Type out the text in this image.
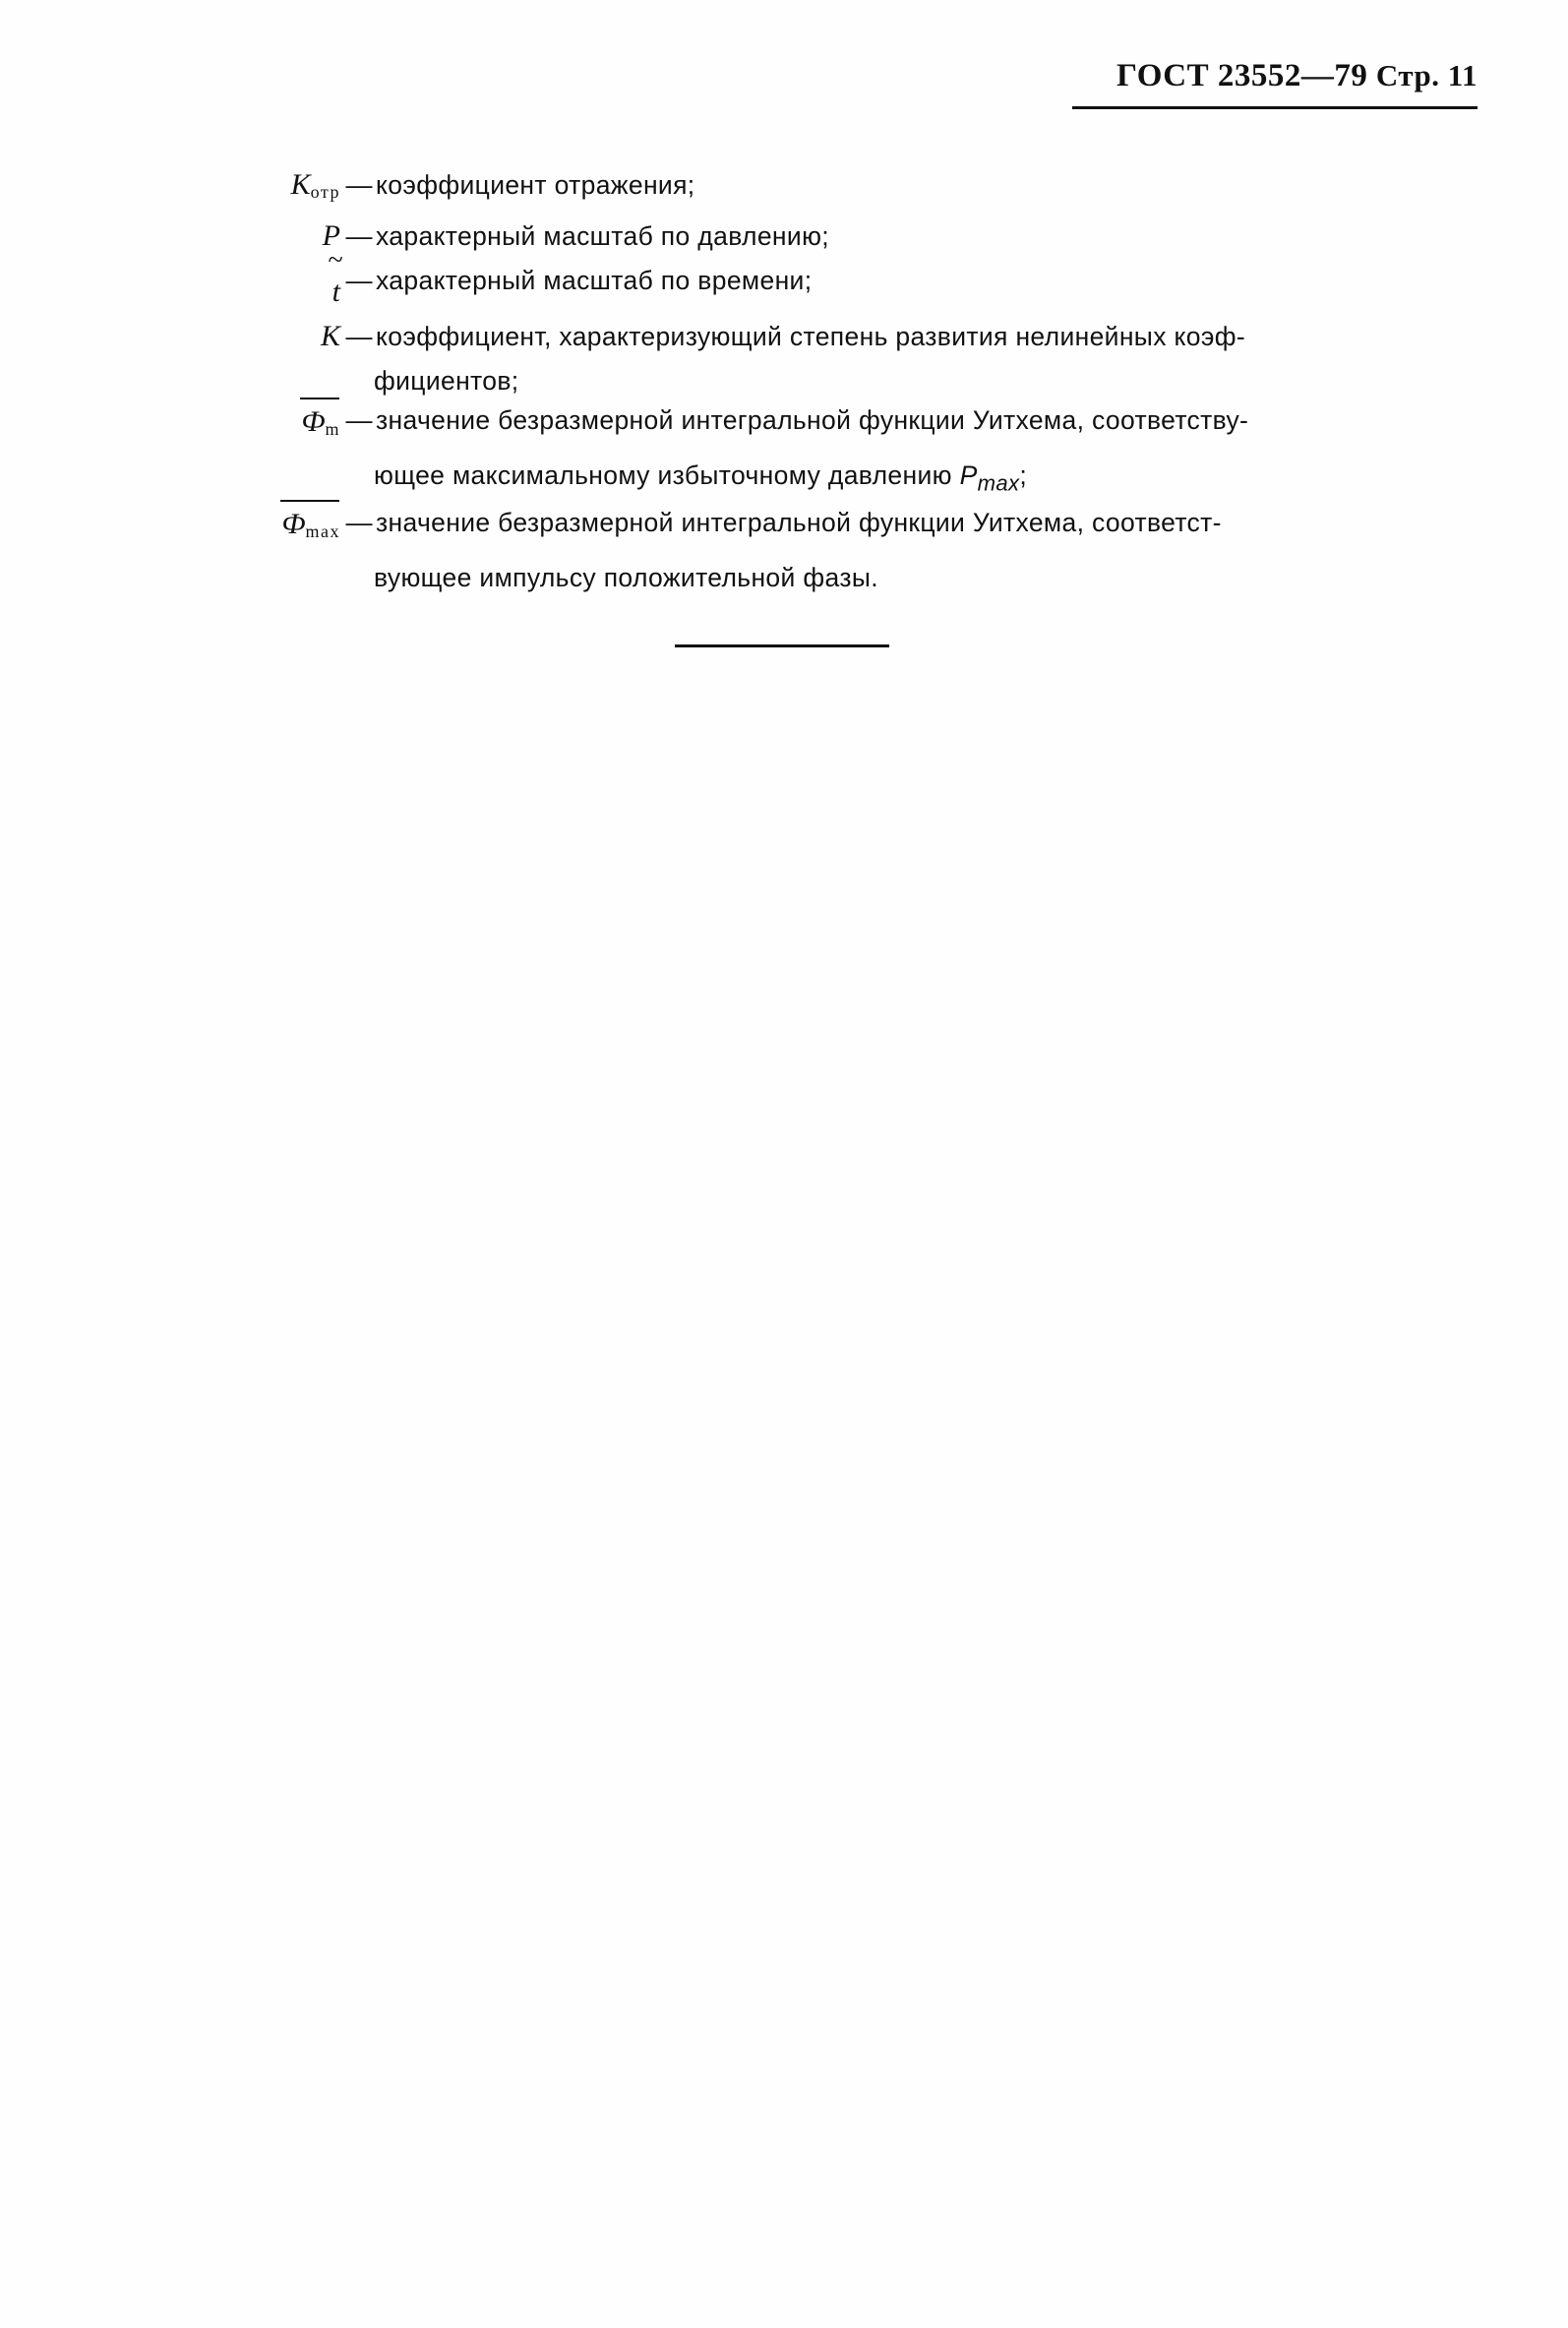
ГОСТ 23552—79 Стр. 11
$K_{отр}$ — коэффициент отражения;
P — характерный масштаб по давлению;
~
t — характерный масштаб по времени;
K — коэффициент, характеризующий степень развития нелинейных коэф-
фициентов;
$Ф_m$ — значение безразмерной интегральной функции Уитхема, соответству-
ющее максимальному избыточному давлению $P_{max}$;
$Ф_{max}$ — значение безразмерной интегральной функции Уитхема, соответст-
вующее импульсу положительной фазы.
